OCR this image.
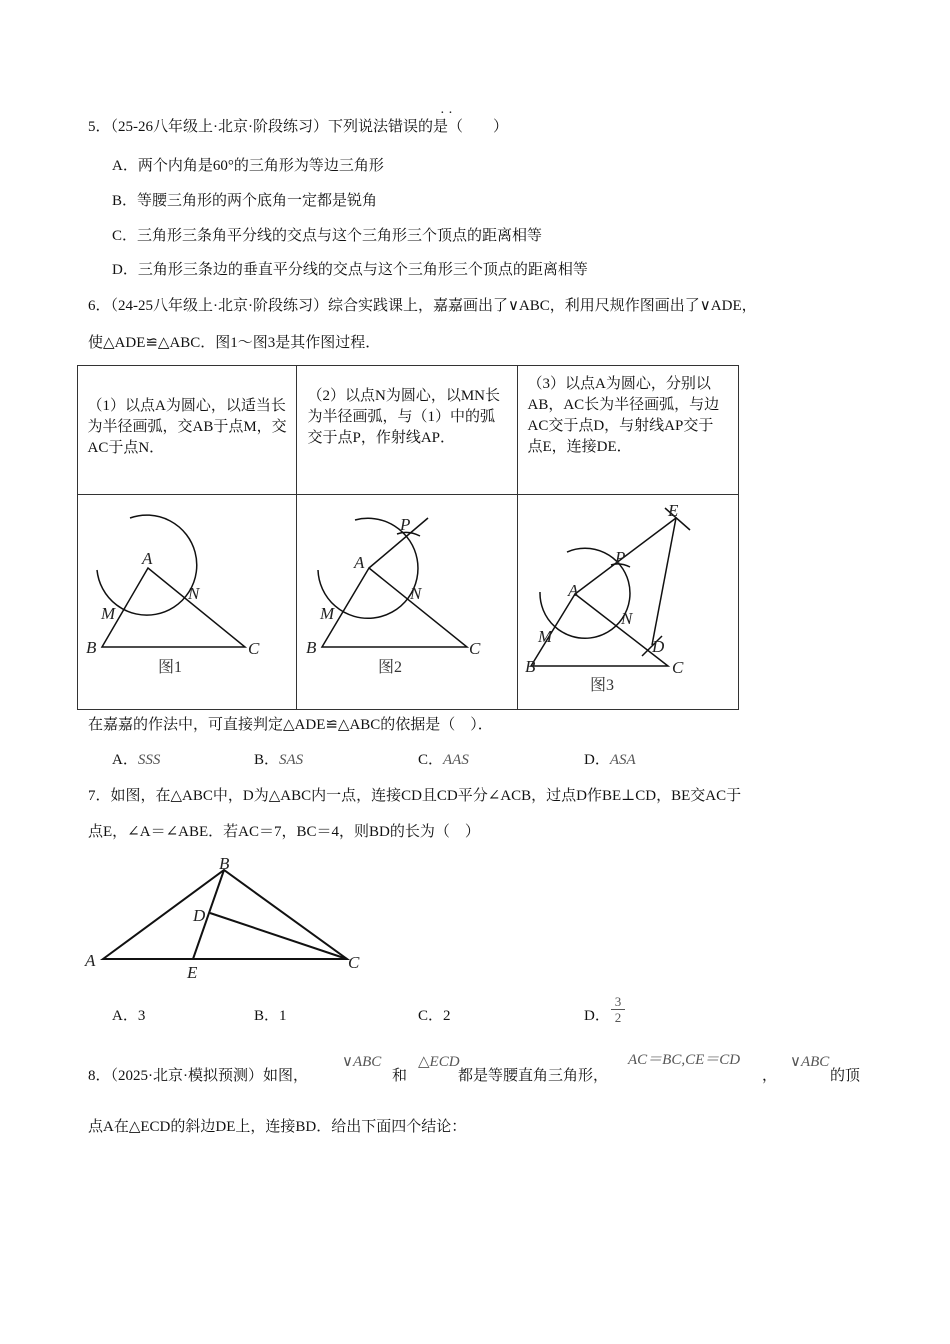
· ·
5．（25-26八年级上·北京·阶段练习）下列说法错误的是（　　）
A．两个内角是60°的三角形为等边三角形
B．等腰三角形的两个底角一定都是锐角
C．三角形三条角平分线的交点与这个三角形三个顶点的距离相等
D．三角形三条边的垂直平分线的交点与这个三角形三个顶点的距离相等
6．（24-25八年级上·北京·阶段练习）综合实践课上，嘉嘉画出了∨ABC，利用尺规作图画出了∨ADE，
使△ADE≌△ABC．图1～图3是其作图过程．
（1）以点A为圆心，以适当长为半径画弧，交AB于点M，交AC于点N．	（2）以点N为圆心，以MN长为半径画弧，与（1）中的弧交于点P，作射线AP．	（3）以点A为圆心，分别以AB，AC长为半径画弧，与边AC交于点D，与射线AP交于点E，连接DE．

A
B	C
M
N
图1
A
P
B	C
M
N
图2
A
P
E
B	C
M
N
D
图3
B
A	C
D
E
在嘉嘉的作法中，可直接判定△ADE≌△ABC的依据是（　）．
A．SSS	B．SAS	C．AAS	D．ASA
7．如图，在△ABC中，D为△ABC内一点，连接CD且CD平分∠ACB，过点D作BE⊥CD，BE交AC于
点E，∠A＝∠ABE．若AC＝7，BC＝4，则BD的长为（　）
A．3	B．1	C．2	D． $\frac{3}{2}$
8．（2025·北京·模拟预测）如图，
∨ABC
和
△ECD
都是等腰直角三角形，
AC＝BC,CE＝CD
，
∨ABC
的顶
点A在△ECD的斜边DE上，连接BD．给出下面四个结论：
